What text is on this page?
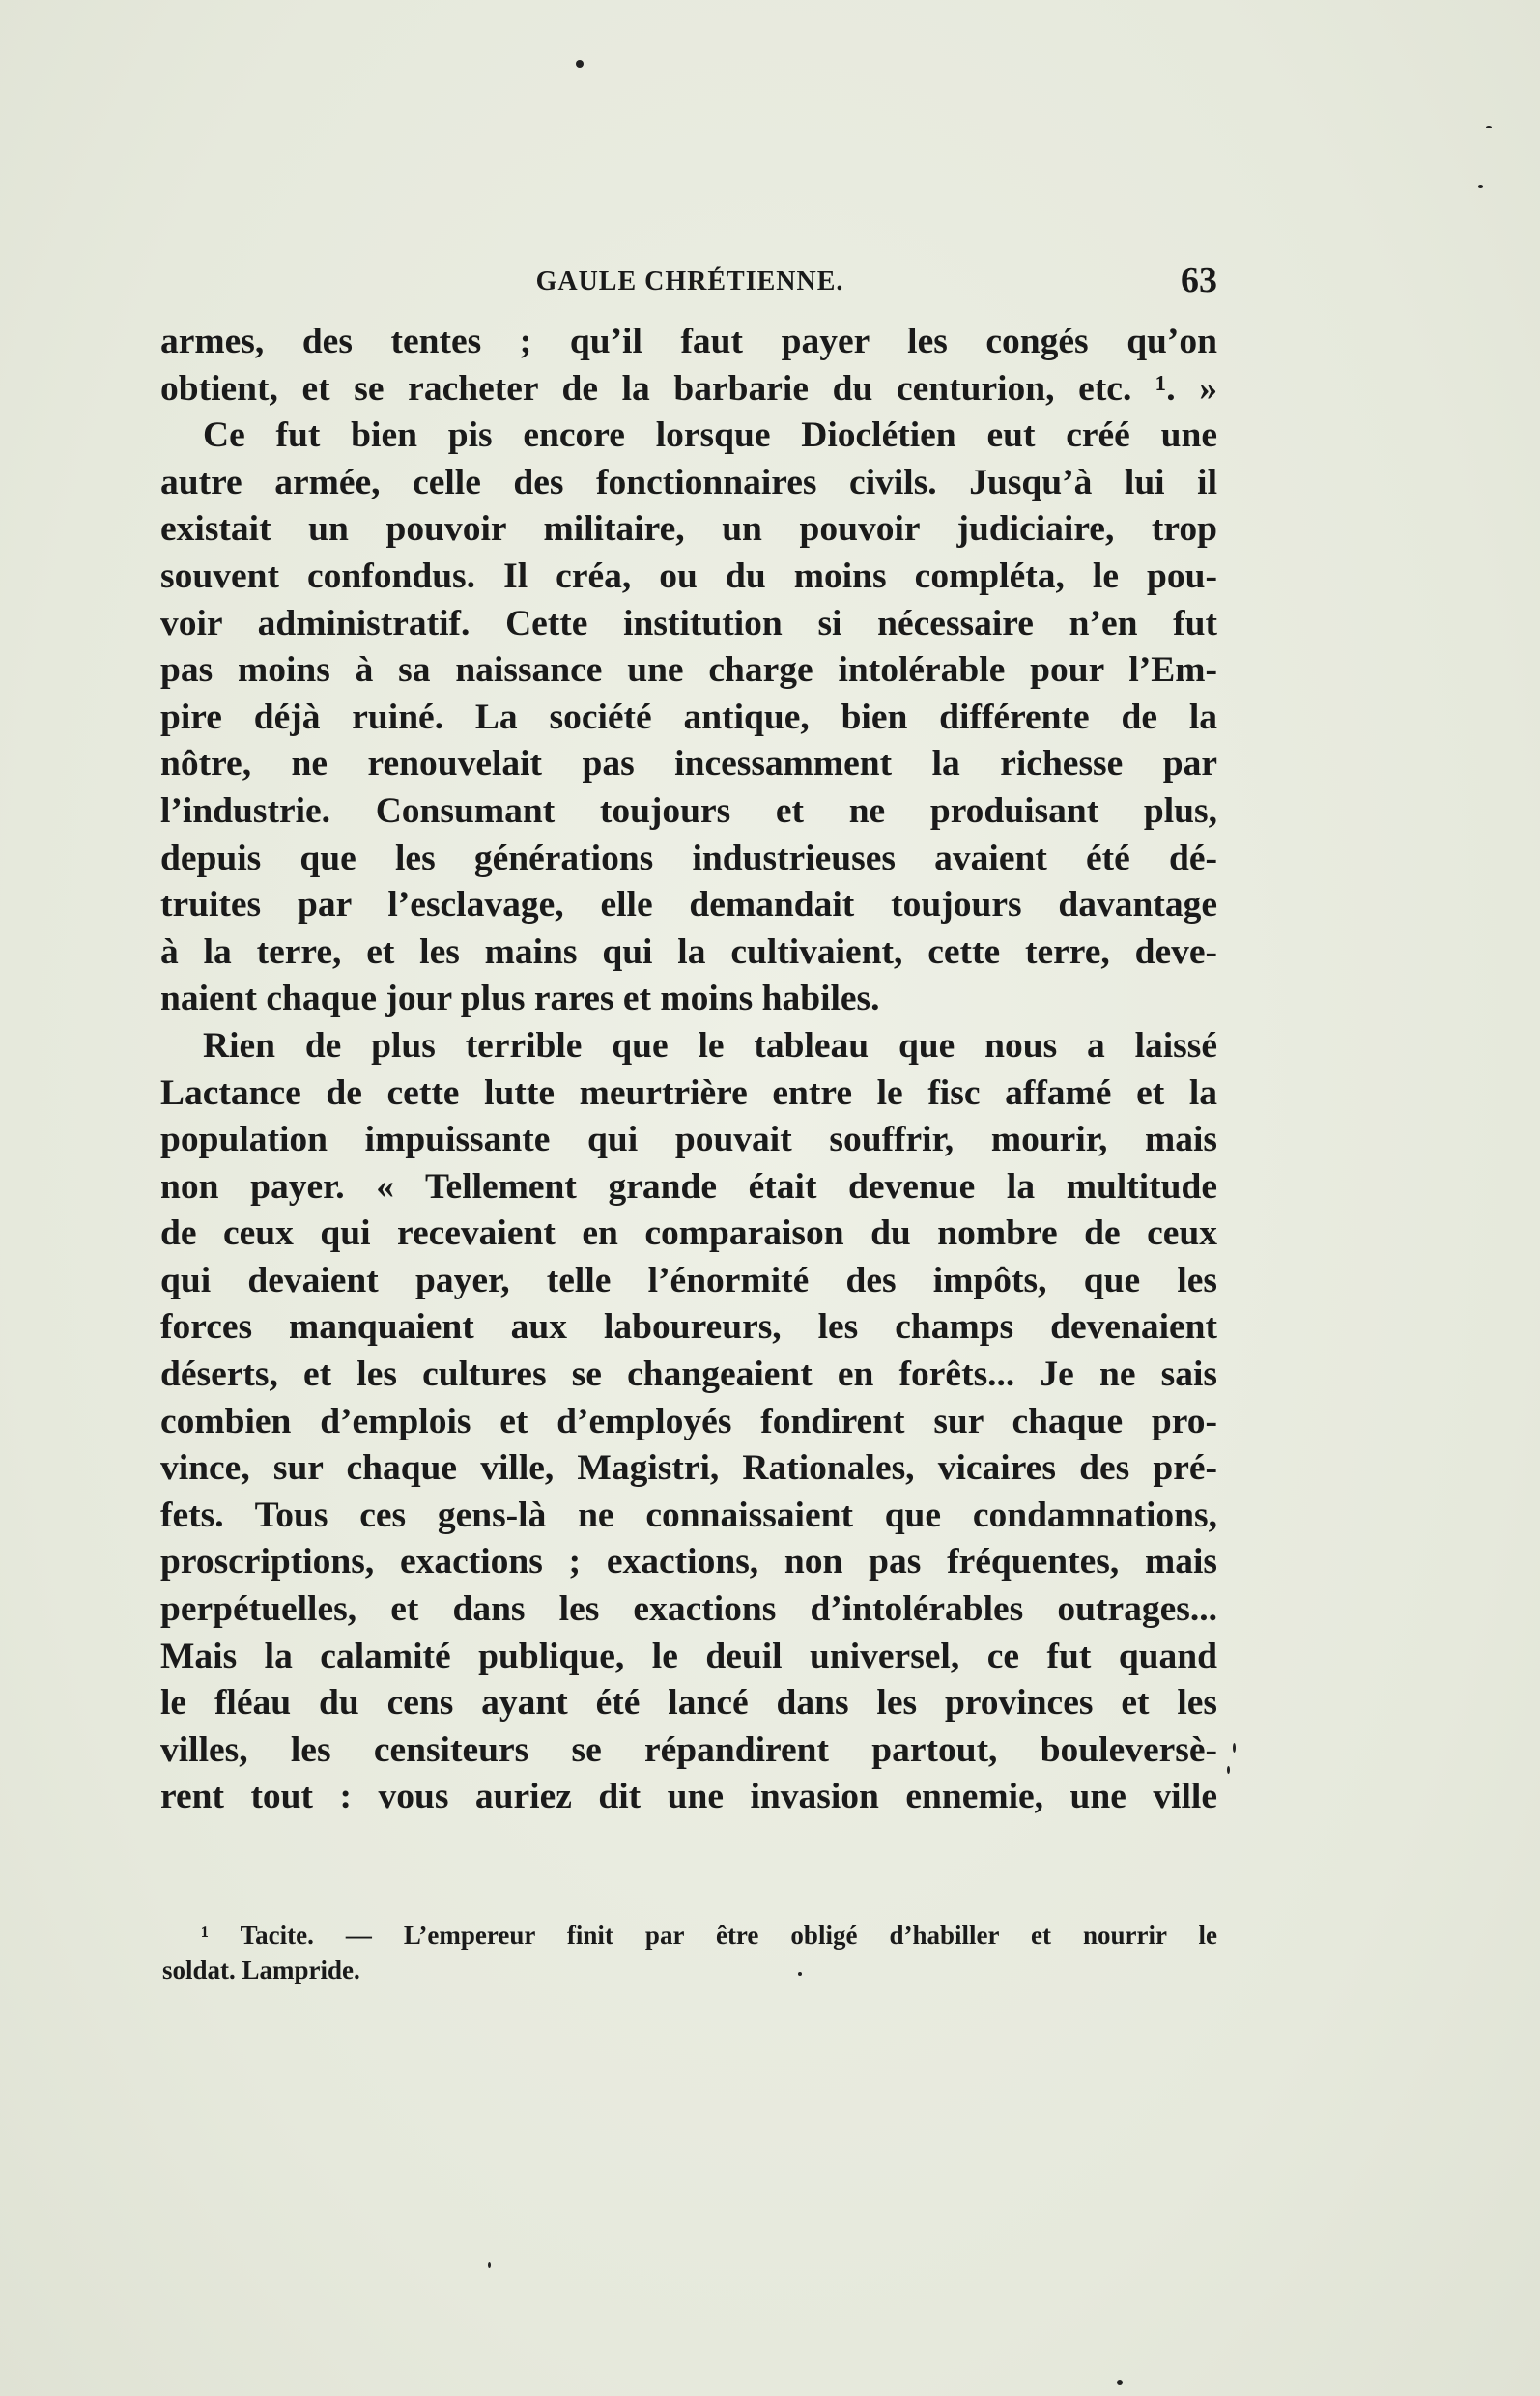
GAULE CHRÉTIENNE.	63
armes, des tentes ; qu’il faut payer les congés qu’on
obtient, et se racheter de la barbarie du centurion, etc. ¹. »
Ce fut bien pis encore lorsque Dioclétien eut créé une
autre armée, celle des fonctionnaires civils. Jusqu’à lui il
existait un pouvoir militaire, un pouvoir judiciaire, trop
souvent confondus. Il créa, ou du moins compléta, le pou-
voir administratif. Cette institution si nécessaire n’en fut
pas moins à sa naissance une charge intolérable pour l’Em-
pire déjà ruiné. La société antique, bien différente de la
nôtre, ne renouvelait pas incessamment la richesse par
l’industrie. Consumant toujours et ne produisant plus,
depuis que les générations industrieuses avaient été dé-
truites par l’esclavage, elle demandait toujours davantage
à la terre, et les mains qui la cultivaient, cette terre, deve-
naient chaque jour plus rares et moins habiles.
Rien de plus terrible que le tableau que nous a laissé
Lactance de cette lutte meurtrière entre le fisc affamé et la
population impuissante qui pouvait souffrir, mourir, mais
non payer. « Tellement grande était devenue la multitude
de ceux qui recevaient en comparaison du nombre de ceux
qui devaient payer, telle l’énormité des impôts, que les
forces manquaient aux laboureurs, les champs devenaient
déserts, et les cultures se changeaient en forêts... Je ne sais
combien d’emplois et d’employés fondirent sur chaque pro-
vince, sur chaque ville, Magistri, Rationales, vicaires des pré-
fets. Tous ces gens-là ne connaissaient que condamnations,
proscriptions, exactions ; exactions, non pas fréquentes, mais
perpétuelles, et dans les exactions d’intolérables outrages...
Mais la calamité publique, le deuil universel, ce fut quand
le fléau du cens ayant été lancé dans les provinces et les
villes, les censiteurs se répandirent partout, bouleversè-
rent tout : vous auriez dit une invasion ennemie, une ville
¹ Tacite. — L’empereur finit par être obligé d’habiller et nourrir le
soldat. Lampride.
